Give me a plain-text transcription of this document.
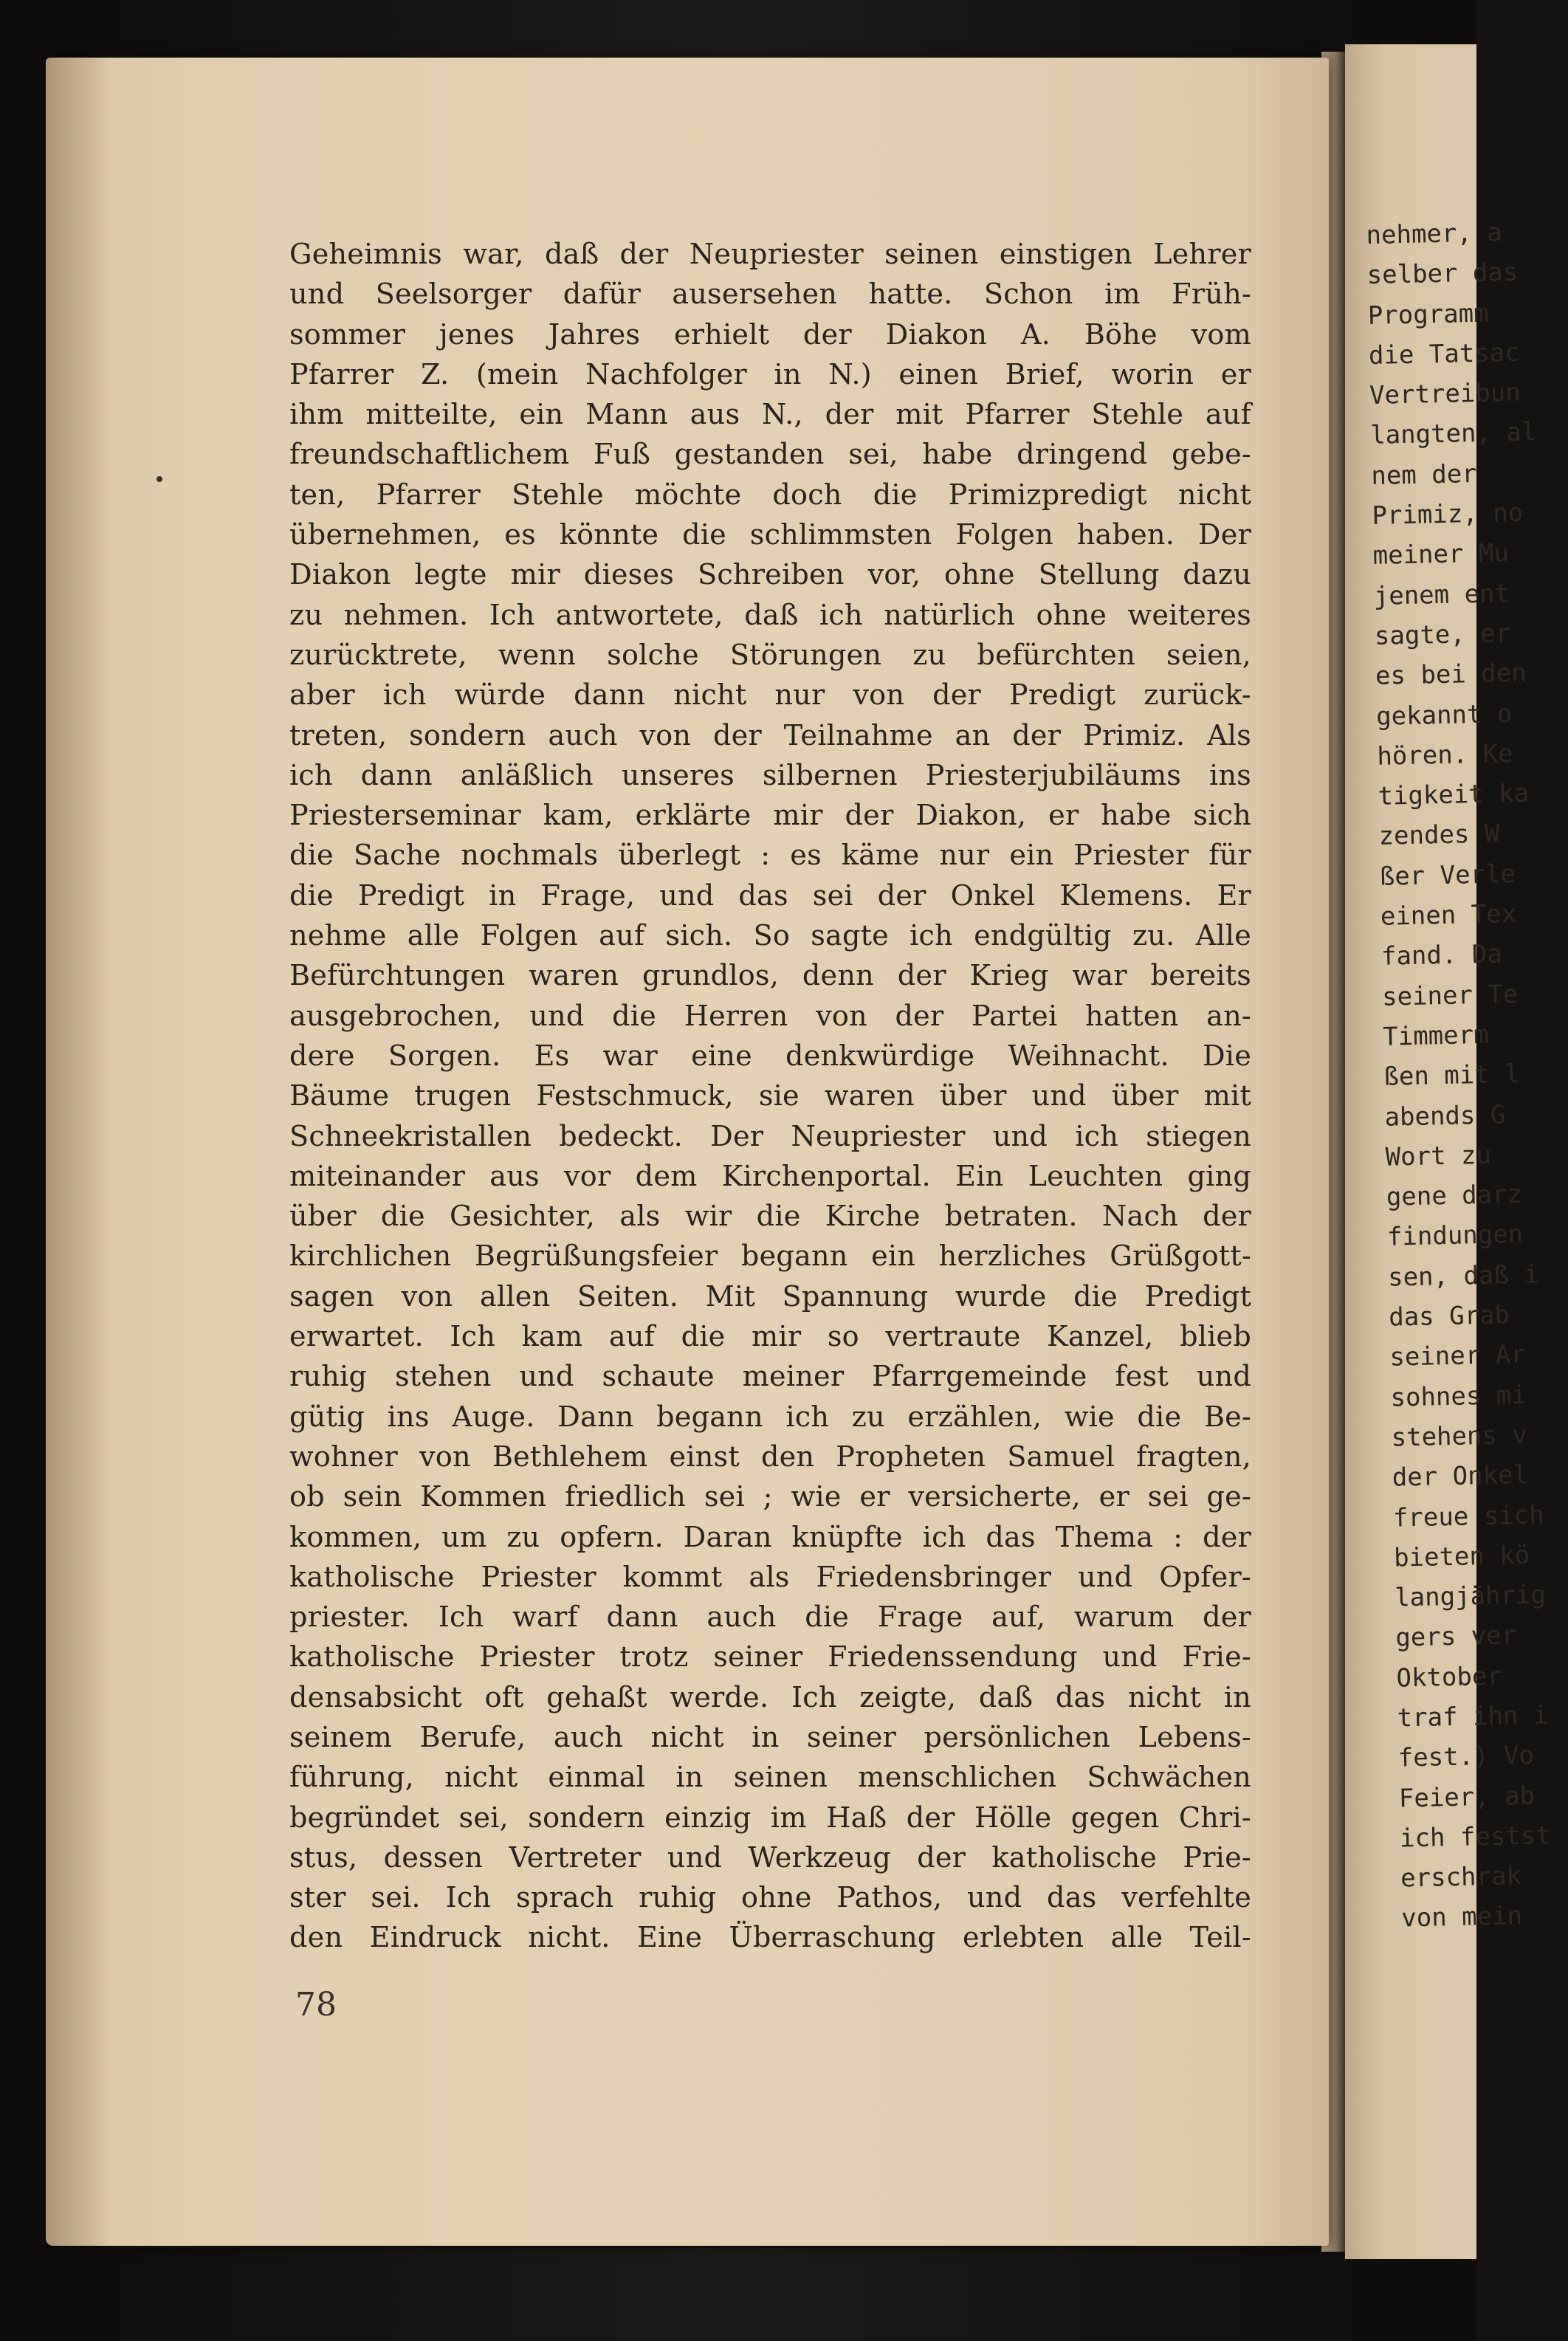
nehmer, a
selber das
Programm
die Tatsac
Vertreibun
langten, al
nem der
Primiz, no
meiner Mu
jenem ent
sagte, er
es bei den
gekannt o
hören. Ke
tigkeit ka
zendes W
ßer Verle
einen Tex
fand. Da
seiner Te
Timmerm
ßen mit l
abends G
Wort zu
gene darz
findungen
sen, daß i
das Grab
seiner Ar
sohnes mi
stehens v
der Onkel
freue sich
bieten kö
langjährig
gers ver
Oktober
traf ihn i
fest.) Vo
Feier, ab
ich festst
erschrak
von mein
Geheimnis war, daß der Neupriester seinen einstigen Lehrer
und Seelsorger dafür ausersehen hatte. Schon im Früh-
sommer jenes Jahres erhielt der Diakon A. Böhe vom
Pfarrer Z. (mein Nachfolger in N.) einen Brief, worin er
ihm mitteilte, ein Mann aus N., der mit Pfarrer Stehle auf
freundschaftlichem Fuß gestanden sei, habe dringend gebe-
ten, Pfarrer Stehle möchte doch die Primizpredigt nicht
übernehmen, es könnte die schlimmsten Folgen haben. Der
Diakon legte mir dieses Schreiben vor, ohne Stellung dazu
zu nehmen. Ich antwortete, daß ich natürlich ohne weiteres
zurücktrete, wenn solche Störungen zu befürchten seien,
aber ich würde dann nicht nur von der Predigt zurück-
treten, sondern auch von der Teilnahme an der Primiz. Als
ich dann anläßlich unseres silbernen Priesterjubiläums ins
Priesterseminar kam, erklärte mir der Diakon, er habe sich
die Sache nochmals überlegt : es käme nur ein Priester für
die Predigt in Frage, und das sei der Onkel Klemens. Er
nehme alle Folgen auf sich. So sagte ich endgültig zu. Alle
Befürchtungen waren grundlos, denn der Krieg war bereits
ausgebrochen, und die Herren von der Partei hatten an-
dere Sorgen. Es war eine denkwürdige Weihnacht. Die
Bäume trugen Festschmuck, sie waren über und über mit
Schneekristallen bedeckt. Der Neupriester und ich stiegen
miteinander aus vor dem Kirchenportal. Ein Leuchten ging
über die Gesichter, als wir die Kirche betraten. Nach der
kirchlichen Begrüßungsfeier begann ein herzliches Grüßgott-
sagen von allen Seiten. Mit Spannung wurde die Predigt
erwartet. Ich kam auf die mir so vertraute Kanzel, blieb
ruhig stehen und schaute meiner Pfarrgemeinde fest und
gütig ins Auge. Dann begann ich zu erzählen, wie die Be-
wohner von Bethlehem einst den Propheten Samuel fragten,
ob sein Kommen friedlich sei ; wie er versicherte, er sei ge-
kommen, um zu opfern. Daran knüpfte ich das Thema : der
katholische Priester kommt als Friedensbringer und Opfer-
priester. Ich warf dann auch die Frage auf, warum der
katholische Priester trotz seiner Friedenssendung und Frie-
densabsicht oft gehaßt werde. Ich zeigte, daß das nicht in
seinem Berufe, auch nicht in seiner persönlichen Lebens-
führung, nicht einmal in seinen menschlichen Schwächen
begründet sei, sondern einzig im Haß der Hölle gegen Chri-
stus, dessen Vertreter und Werkzeug der katholische Prie-
ster sei. Ich sprach ruhig ohne Pathos, und das verfehlte
den Eindruck nicht. Eine Überraschung erlebten alle Teil-
78
